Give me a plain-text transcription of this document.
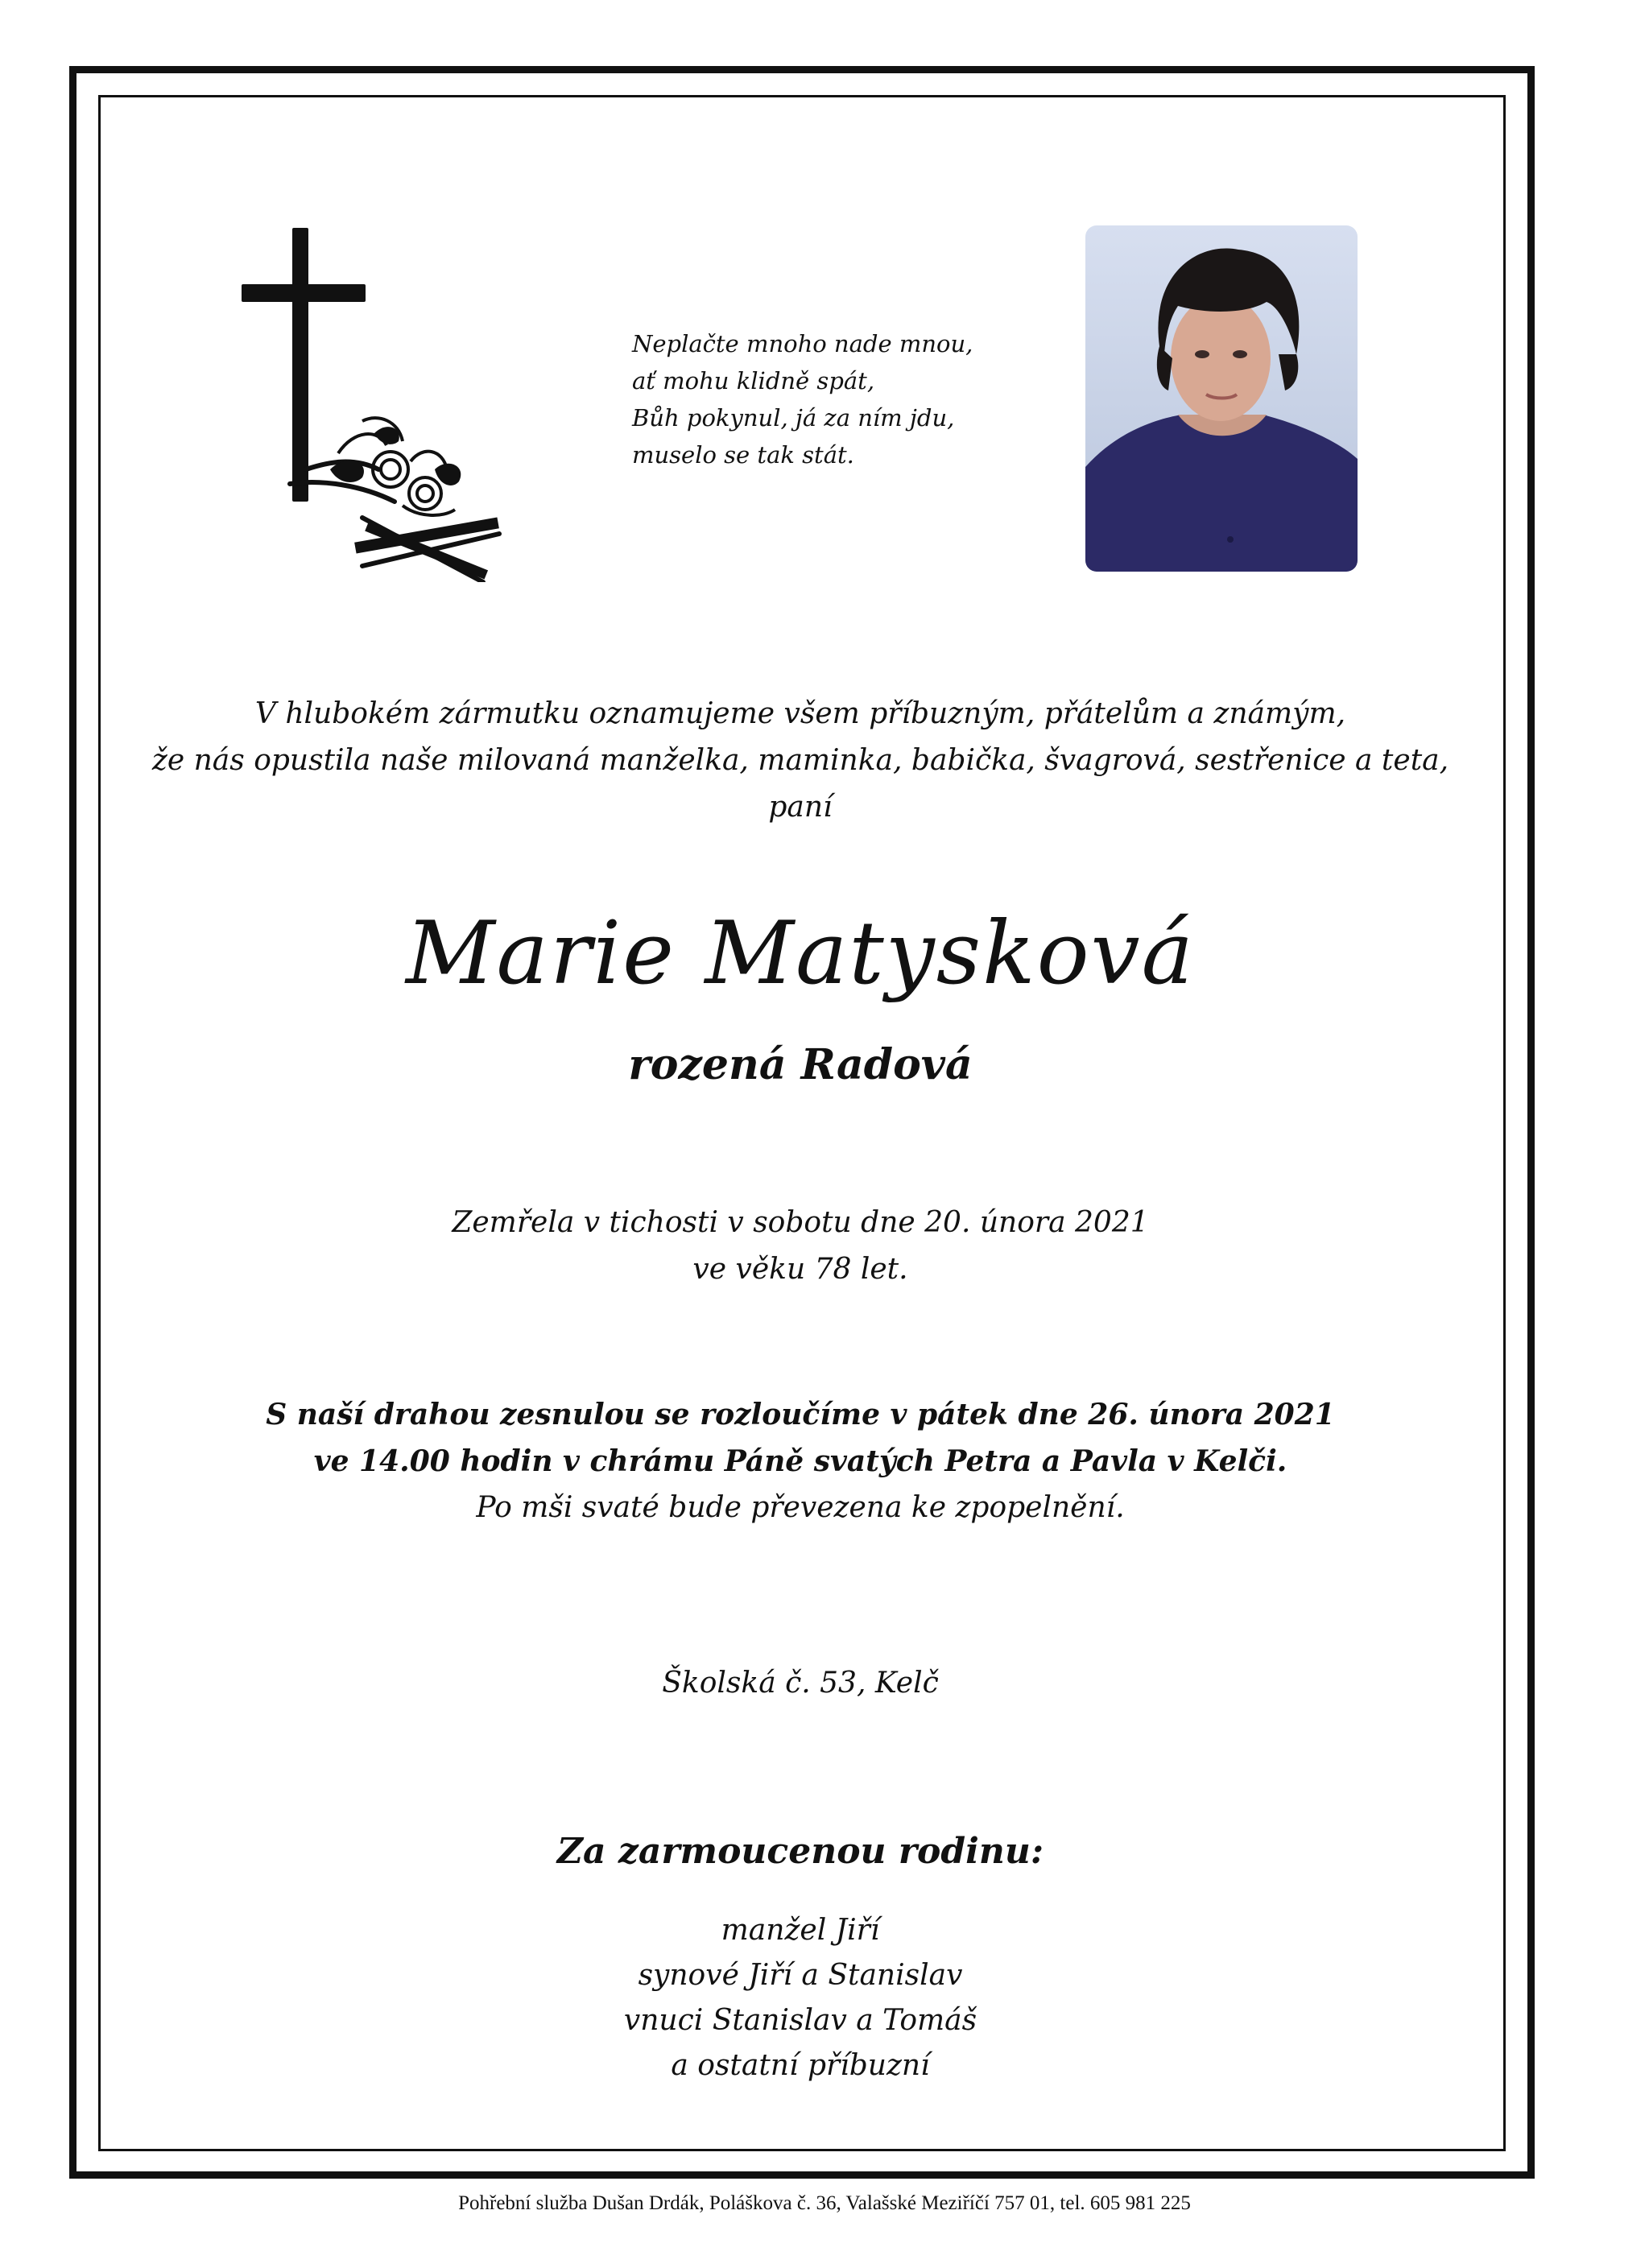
Neplačte mnoho nade mnou,
ať mohu klidně spát,
Bůh pokynul, já za ním jdu,
muselo se tak stát.
V hlubokém zármutku oznamujeme všem příbuzným, přátelům a známým,
že nás opustila naše milovaná manželka, maminka, babička, švagrová, sestřenice a teta,
paní
Marie Matysková
rozená Radová
Zemřela v tichosti v sobotu dne 20. února 2021
ve věku 78 let.
S naší drahou zesnulou se rozloučíme v pátek dne 26. února 2021
ve 14.00 hodin v chrámu Páně svatých Petra a Pavla v Kelči.
Po mši svaté bude převezena ke zpopelnění.
Školská č. 53, Kelč
Za zarmoucenou rodinu:
manžel Jiří
synové Jiří a Stanislav
vnuci Stanislav a Tomáš
a ostatní příbuzní
Pohřební služba Dušan Drdák, Poláškova č. 36, Valašské Meziříčí 757 01, tel. 605 981 225
